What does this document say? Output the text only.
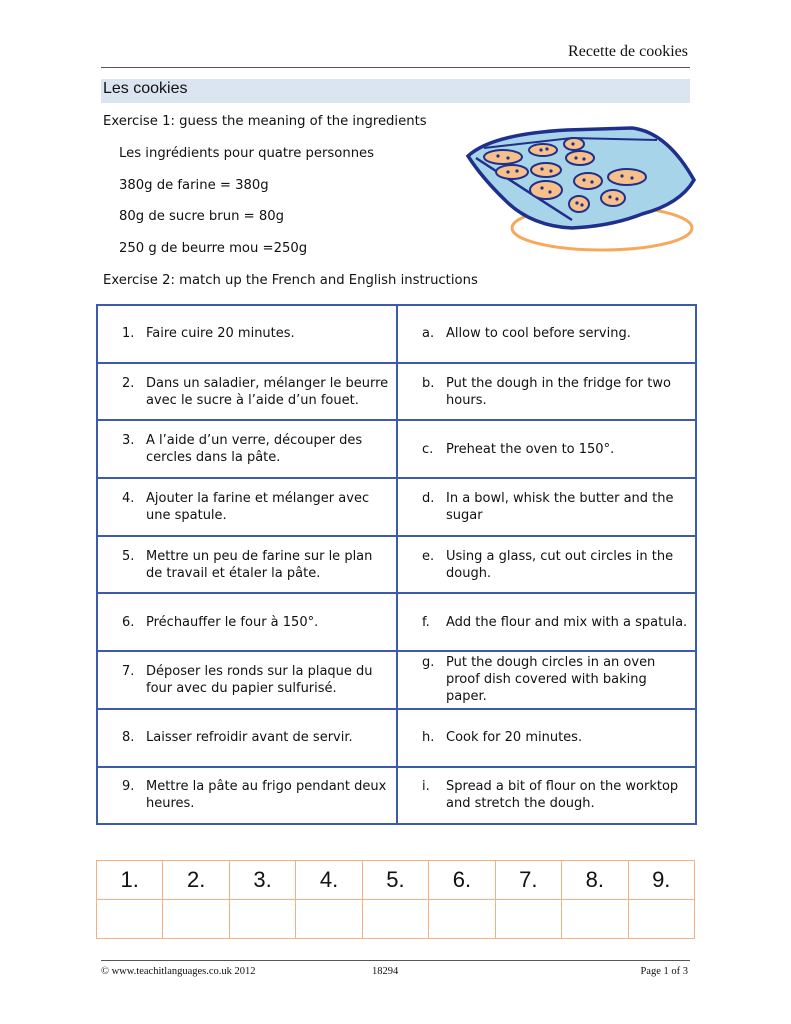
Recette de cookies
Les cookies
Exercise 1: guess the meaning of the ingredients
Les ingrédients pour quatre personnes
380g de farine = 380g
80g de sucre brun = 80g
250 g de beurre mou =250g
Exercise 2: match up the French and English instructions
1. Faire cuire 20 minutes.	a. Allow to cool before serving.

2. Dans un saladier, mélanger le beurre avec le sucre à l’aide d’un fouet.	b. Put the dough in the fridge for two hours.

3. A l’aide d’un verre, découper des cercles dans la pâte.	c. Preheat the oven to 150°.

4. Ajouter la farine et mélanger avec une spatule.	d. In a bowl, whisk the butter and the sugar

5. Mettre un peu de farine sur le plan de travail et étaler la pâte.	e. Using a glass, cut out circles in the dough.

6. Préchauffer le four à 150°.	f. Add the flour and mix with a spatula.

7. Déposer les ronds sur la plaque du four avec du papier sulfurisé.	g. Put the dough circles in an oven proof dish covered with baking paper.

8. Laisser refroidir avant de servir.	h. Cook for 20 minutes.

9. Mettre la pâte au frigo pendant deux heures.	i. Spread a bit of flour on the worktop and stretch the dough.
1.	2.	3.	4.	5.	6.	7.	8.	9.

© www.teachitlanguages.co.uk 2012	18294	Page 1 of 3
